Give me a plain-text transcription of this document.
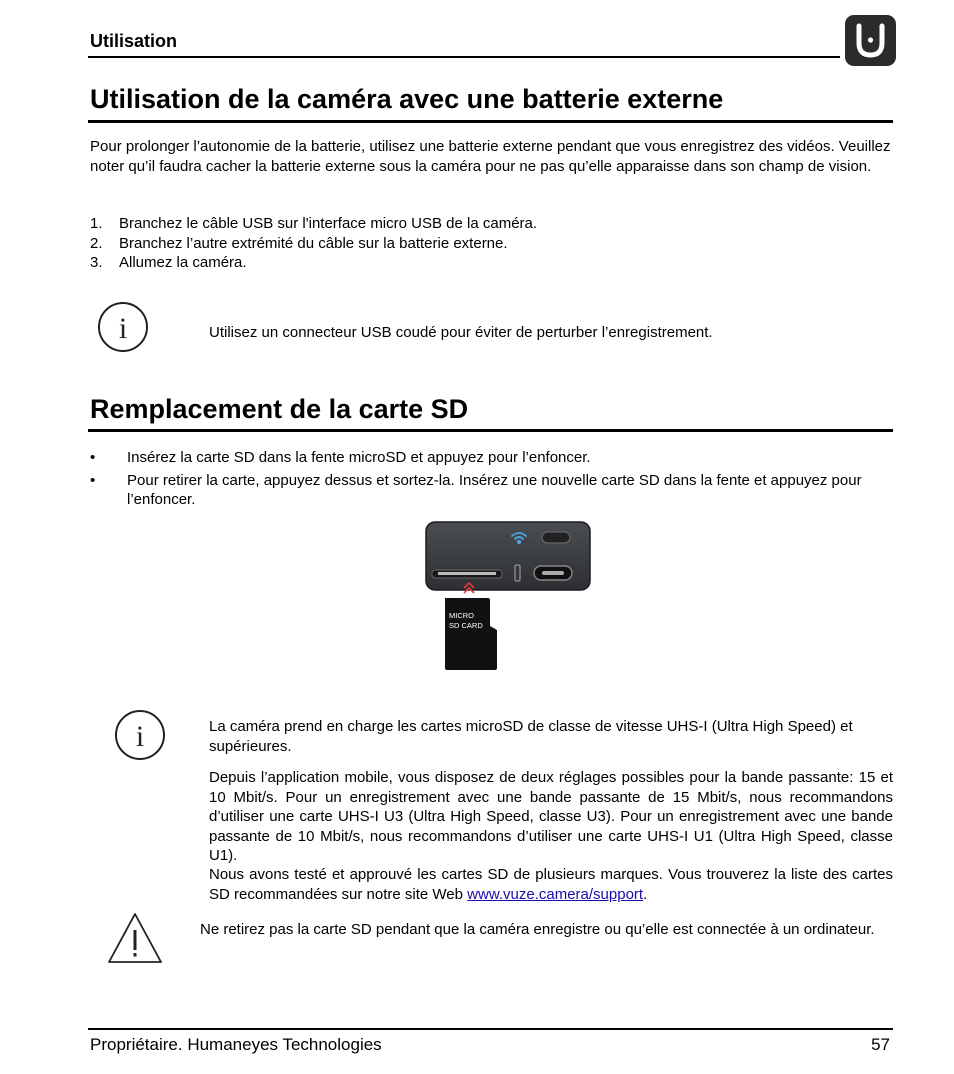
Utilisation
Utilisation de la caméra avec une batterie externe
Pour prolonger l’autonomie de la batterie, utilisez une batterie externe pendant que vous enregistrez des vidéos. Veuillez noter qu’il faudra cacher la batterie externe sous la caméra pour ne pas qu’elle apparaisse dans son champ de vision.
1. Branchez le câble USB sur l'interface micro USB de la caméra.
2. Branchez l’autre extrémité du câble sur la batterie externe.
3. Allumez la caméra.
i	Utilisez un connecteur USB coudé pour éviter de perturber l’enregistrement.
Remplacement de la carte SD
• Insérez la carte SD dans la fente microSD et appuyez pour l’enfoncer.
• Pour retirer la carte, appuyez dessus et sortez-la. Insérez une nouvelle carte SD dans la fente et appuyez pour l’enfoncer.
MICRO
SD CARD
i	La caméra prend en charge les cartes microSD de classe de vitesse UHS-I (Ultra High Speed) et supérieures.
Depuis l’application mobile, vous disposez de deux réglages possibles pour la bande passante: 15 et 10 Mbit/s. Pour un enregistrement avec une bande passante de 15 Mbit/s, nous recommandons d’utiliser une carte UHS-I U3 (Ultra High Speed, classe U3). Pour un enregistrement avec une bande passante de 10 Mbit/s, nous recommandons d’utiliser une carte UHS-I U1 (Ultra High Speed, classe U1).
Nous avons testé et approuvé les cartes SD de plusieurs marques. Vous trouverez la liste des cartes SD recommandées sur notre site Web www.vuze.camera/support.
Ne retirez pas la carte SD pendant que la caméra enregistre ou qu’elle est connectée à un ordinateur.
Propriétaire. Humaneyes Technologies	57
